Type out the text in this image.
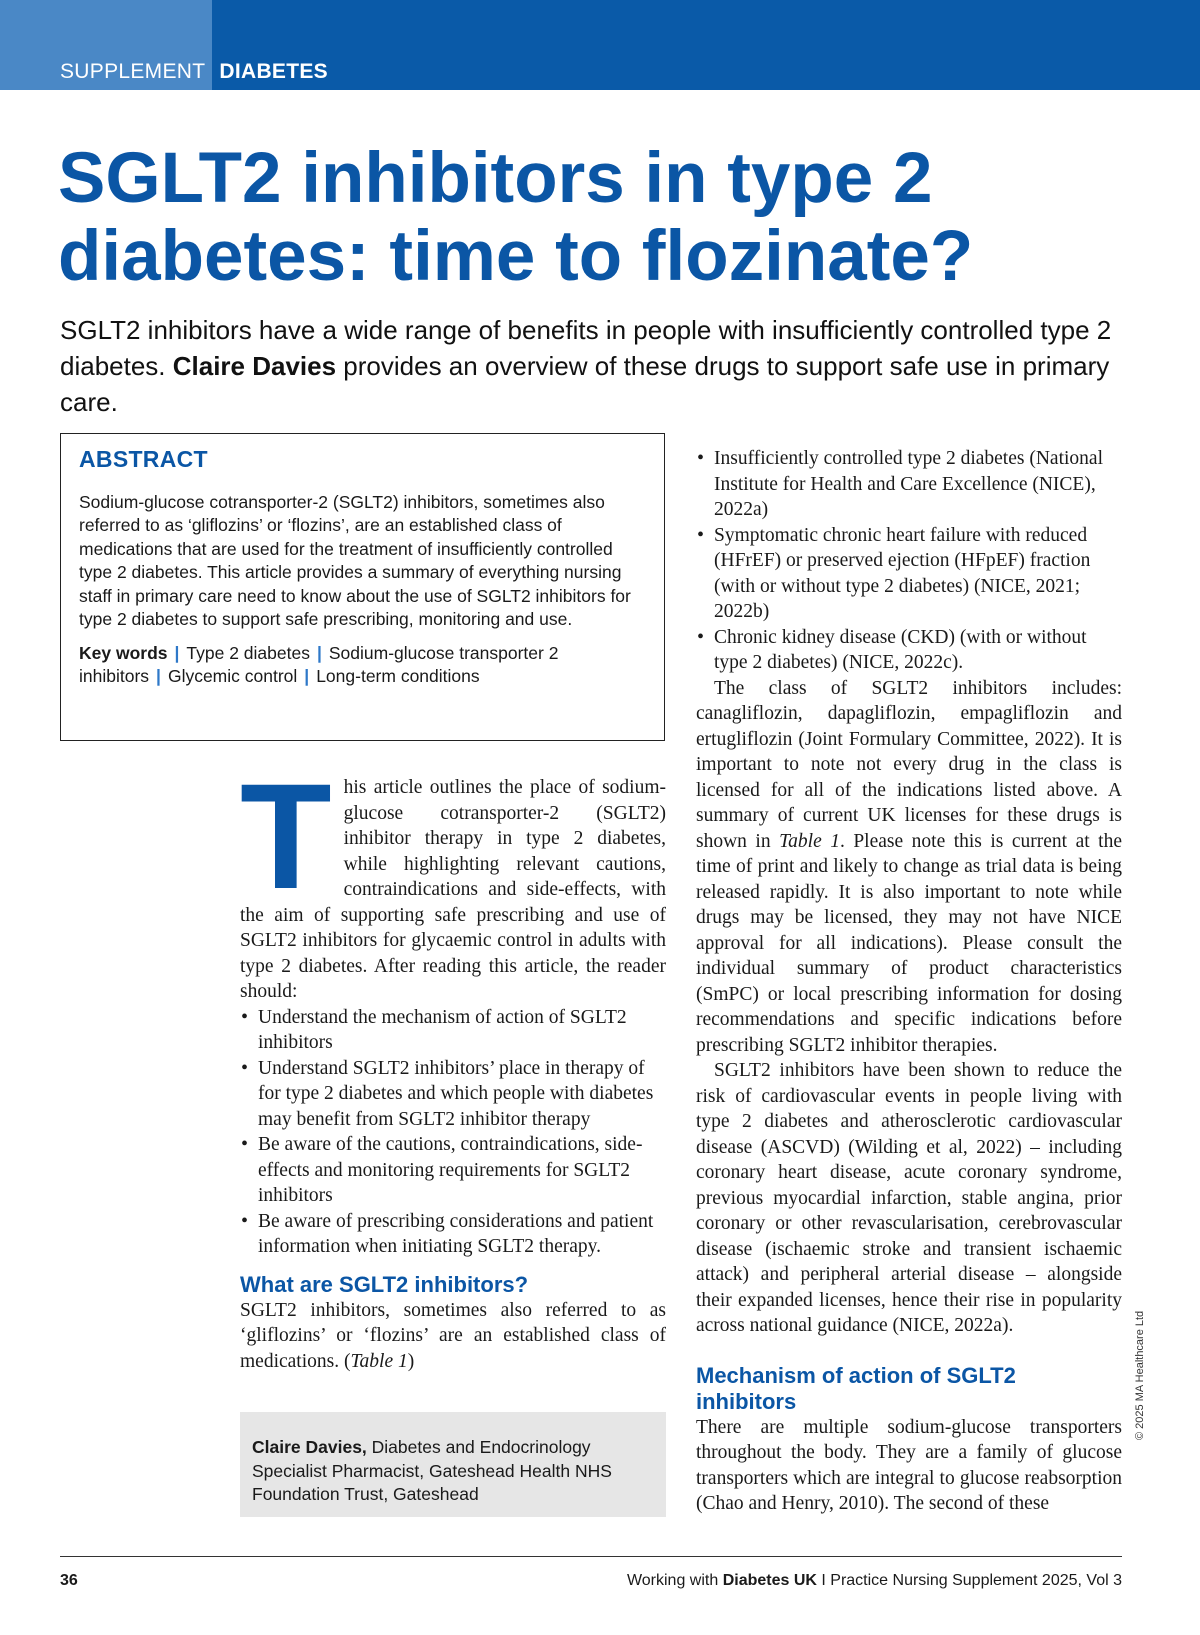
SUPPLEMENT DIABETES
SGLT2 inhibitors in type 2 diabetes: time to flozinate?

SGLT2 inhibitors have a wide range of benefits in people with insufficiently controlled type 2 diabetes. Claire Davies provides an overview of these drugs to support safe use in primary care.

ABSTRACT

Sodium-glucose cotransporter-2 (SGLT2) inhibitors, sometimes also referred to as ‘gliflozins’ or ‘flozins’, are an established class of medications that are used for the treatment of insufficiently controlled type 2 diabetes. This article provides a summary of everything nursing staff in primary care need to know about the use of SGLT2 inhibitors for type 2 diabetes to support safe prescribing, monitoring and use.

Key words | Type 2 diabetes | Sodium-glucose transporter 2 inhibitors | Glycemic control | Long-term conditions

This article outlines the place of sodium-glucose cotransporter-2 (SGLT2) inhibitor therapy in type 2 diabetes, while highlighting relevant cautions, contraindications and side-effects, with the aim of supporting safe prescribing and use of SGLT2 inhibitors for glycaemic control in adults with type 2 diabetes. After reading this article, the reader should:

• Understand the mechanism of action of SGLT2 inhibitors
• Understand SGLT2 inhibitors’ place in therapy of for type 2 diabetes and which people with diabetes may benefit from SGLT2 inhibitor therapy
• Be aware of the cautions, contraindications, side-effects and monitoring requirements for SGLT2 inhibitors
• Be aware of prescribing considerations and patient information when initiating SGLT2 therapy.
What are SGLT2 inhibitors?

SGLT2 inhibitors, sometimes also referred to as ‘gliflozins’ or ‘flozins’ are an established class of medications. (Table 1)

Claire Davies, Diabetes and Endocrinology Specialist Pharmacist, Gateshead Health NHS Foundation Trust, Gateshead
• Insufficiently controlled type 2 diabetes (National Institute for Health and Care Excellence (NICE), 2022a)
• Symptomatic chronic heart failure with reduced (HFrEF) or preserved ejection (HFpEF) fraction (with or without type 2 diabetes) (NICE, 2021; 2022b)
• Chronic kidney disease (CKD) (with or without type 2 diabetes) (NICE, 2022c).

The class of SGLT2 inhibitors includes: canagliflozin, dapagliflozin, empagliflozin and ertugliflozin (Joint Formulary Committee, 2022). It is important to note not every drug in the class is licensed for all of the indications listed above. A summary of current UK licenses for these drugs is shown in Table 1. Please note this is current at the time of print and likely to change as trial data is being released rapidly. It is also important to note while drugs may be licensed, they may not have NICE approval for all indications). Please consult the individual summary of product characteristics (SmPC) or local prescribing information for dosing recommendations and specific indications before prescribing SGLT2 inhibitor therapies.

SGLT2 inhibitors have been shown to reduce the risk of cardiovascular events in people living with type 2 diabetes and atherosclerotic cardiovascular disease (ASCVD) (Wilding et al, 2022) – including coronary heart disease, acute coronary syndrome, previous myocardial infarction, stable angina, prior coronary or other revascularisation, cerebrovascular disease (ischaemic stroke and transient ischaemic attack) and peripheral arterial disease – alongside their expanded licenses, hence their rise in popularity across national guidance (NICE, 2022a).

Mechanism of action of SGLT2 inhibitors

There are multiple sodium-glucose transporters throughout the body. They are a family of glucose transporters which are integral to glucose reabsorption (Chao and Henry, 2010). The second of these

© 2025 MA Healthcare Ltd
36	Working with Diabetes UK I Practice Nursing Supplement 2025, Vol 3
